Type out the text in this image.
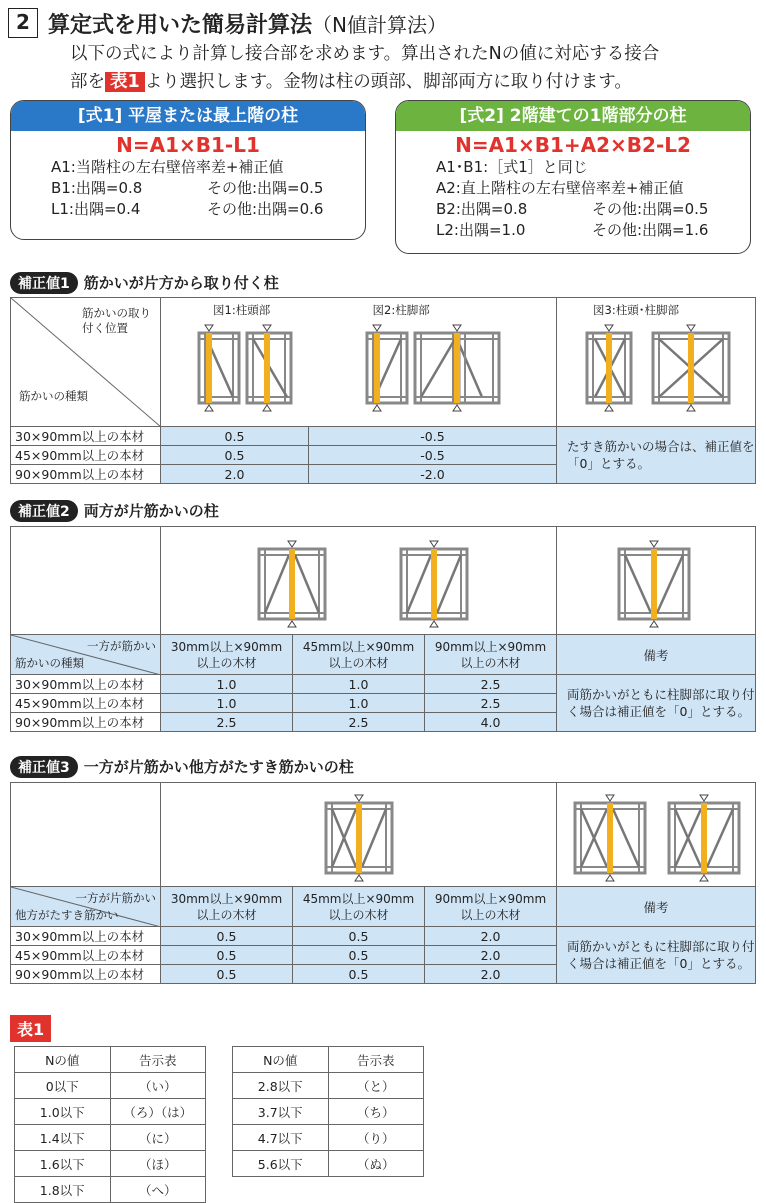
2 算定式を用いた簡易計算法（N値計算法）
以下の式により計算し接合部を求めます。算出されたNの値に対応する接合
部を 表1 より選択します。金物は柱の頭部、脚部両方に取り付けます。
[式1] 平屋または最上階の柱
N=A1×B1-L1
A1:当階柱の左右壁倍率差+補正値
B1:出隅=0.8	その他:出隅=0.5
L1:出隅=0.4	その他:出隅=0.6
[式2] 2階建ての1階部分の柱
N=A1×B1+A2×B2-L2
A1･B1:［式1］と同じ
A2:直上階柱の左右壁倍率差+補正値
B2:出隅=0.8	その他:出隅=0.5
L2:出隅=1.0	その他:出隅=1.6
補正値1 筋かいが片方から取り付く柱
筋かいの取り付く位置
筋かいの種類	図1:柱頭部	図2:柱脚部	図3:柱頭･柱脚部

30×90mm以上の本材	0.5	-0.5	たすき筋かいの場合は、補正値を「0」とする。
45×90mm以上の本材	0.5	-0.5	
90×90mm以上の本材	2.0	-2.0	
補正値2 両方が片筋かいの柱

一方が筋かい
筋かいの種類	30mm以上×90mm以上の木材	45mm以上×90mm以上の木材	90mm以上×90mm以上の木材	備考
30×90mm以上の本材	1.0	1.0	2.5	両筋かいがともに柱脚部に取り付く場合は補正値を「0」とする。
45×90mm以上の本材	1.0	1.0	2.5	
90×90mm以上の本材	2.5	2.5	4.0	
補正値3 一方が片筋かい他方がたすき筋かいの柱

一方が片筋かい
他方がたすき筋かい	30mm以上×90mm以上の木材	45mm以上×90mm以上の木材	90mm以上×90mm以上の木材	備考
30×90mm以上の本材	0.5	0.5	2.0	両筋かいがともに柱脚部に取り付く場合は補正値を「0」とする。
45×90mm以上の本材	0.5	0.5	2.0	
90×90mm以上の本材	0.5	0.5	2.0	
表1
Nの値	告示表
0以下	（い）
1.0以下	（ろ）（は）
1.4以下	（に）
1.6以下	（ほ）
1.8以下	（へ）
Nの値	告示表
2.8以下	（と）
3.7以下	（ち）
4.7以下	（り）
5.6以下	（ぬ）
